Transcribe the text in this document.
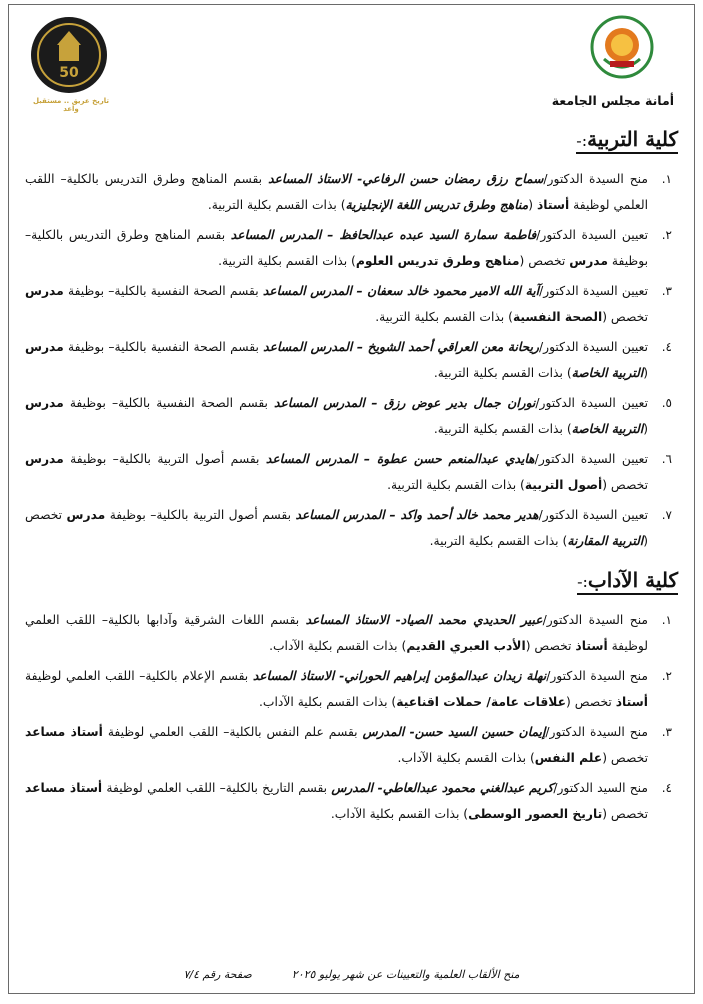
أمانة مجلس الجامعة
50
تاريخ عريق .. مستقبل واعد
كلية التربية:-
١.
منح السيدة الدكتور/سماح رزق رمضان حسن الرفاعي- الاستاذ المساعد بقسم المناهج وطرق التدريس بالكلية– اللقب العلمي لوظيفة أستاذ (مناهج وطرق تدريس اللغة الإنجليزية) بذات القسم بكلية التربية.
٢.
تعيين السيدة الدكتور/فاطمة سمارة السيد عبده عبدالحافظ – المدرس المساعد بقسم المناهج وطرق التدريس بالكلية– بوظيفة مدرس تخصص (مناهج وطرق تدريس العلوم) بذات القسم بكلية التربية.
٣.
تعيين السيدة الدكتور/آية الله الامير محمود خالد سعفان – المدرس المساعد بقسم الصحة النفسية بالكلية– بوظيفة مدرس تخصص (الصحة النفسية) بذات القسم بكلية التربية.
٤.
تعيين السيدة الدكتور/ريحانة معن العراقي أحمد الشويخ – المدرس المساعد بقسم الصحة النفسية بالكلية– بوظيفة مدرس (التربية الخاصة) بذات القسم بكلية التربية.
٥.
تعيين السيدة الدكتور/نوران جمال بدير عوض رزق – المدرس المساعد بقسم الصحة النفسية بالكلية– بوظيفة مدرس (التربية الخاصة) بذات القسم بكلية التربية.
٦.
تعيين السيدة الدكتور/هايدي عبدالمنعم حسن عطوة – المدرس المساعد بقسم أصول التربية بالكلية– بوظيفة مدرس تخصص (أصول التربية) بذات القسم بكلية التربية.
٧.
تعيين السيدة الدكتور/هدير محمد خالد أحمد واكد – المدرس المساعد بقسم أصول التربية بالكلية– بوظيفة مدرس تخصص (التربية المقارنة) بذات القسم بكلية التربية.
كلية الآداب:-
١.
منح السيدة الدكتور/عبير الحديدي محمد الصياد- الاستاذ المساعد بقسم اللغات الشرقية وآدابها بالكلية– اللقب العلمي لوظيفة أستاذ تخصص (الأدب العبري القديم) بذات القسم بكلية الآداب.
٢.
منح السيدة الدكتور/نهلة زيدان عبدالمؤمن إبراهيم الحوراني- الاستاذ المساعد بقسم الإعلام بالكلية– اللقب العلمي لوظيفة أستاذ تخصص (علاقات عامة/ حملات اقناعية) بذات القسم بكلية الآداب.
٣.
منح السيدة الدكتور/إيمان حسين السيد حسن- المدرس بقسم علم النفس بالكلية– اللقب العلمي لوظيفة أستاذ مساعد تخصص (علم النفس) بذات القسم بكلية الآداب.
٤.
منح السيد الدكتور/كريم عبدالغني محمود عبدالعاطي- المدرس بقسم التاريخ بالكلية– اللقب العلمي لوظيفة أستاذ مساعد تخصص (تاريخ العصور الوسطى) بذات القسم بكلية الآداب.
منح الألقاب العلمية والتعيينات عن شهر يوليو ٢٠٢٥صفحة رقم ٧/٤
